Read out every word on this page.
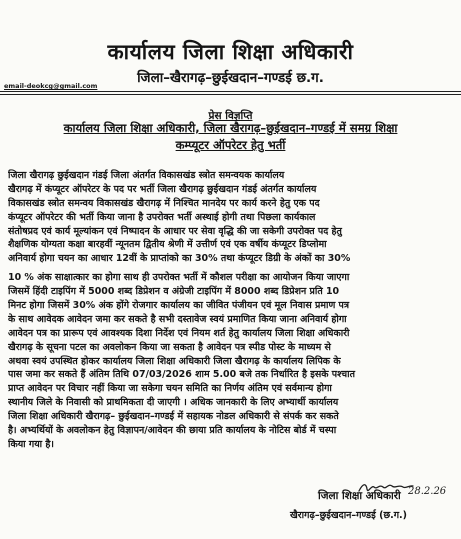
कार्यालय जिला शिक्षा अधिकारी
जिला–खैरागढ़–छुईखदान–गण्डई छ.ग.
email-deokcg@gmail.com
प्रेस विज्ञप्ति
कार्यालय जिला शिक्षा अधिकारी, जिला खैरागढ़–छुईखदान–गण्डई में समग्र शिक्षा
कम्प्यूटर ऑपरेटर हेतु भर्ती
जिला खैरागढ़ छुईखदान गंडई जिला अंतर्गत विकासखंड स्त्रोत समन्वयक कार्यालय
खैरागढ़ में कंप्यूटर ऑपरेटर के पद पर भर्ती जिला खैरागढ़ छुईखदान गंडई अंतर्गत कार्यालय
विकासखंड स्त्रोत समन्वय विकासखंड खैरागढ़ में निश्चित मानदेय पर कार्य करने हेतु एक पद
कंप्यूटर ऑपरेटर की भर्ती किया जाना है उपरोक्त भर्ती अस्थाई होगी तथा पिछला कार्यकाल
संतोषप्रद एवं कार्य मूल्यांकन एवं निष्पादन के आधार पर सेवा वृद्धि की जा सकेगी उपरोक्त पद हेतु
शैक्षणिक योग्यता कक्षा बारहवीं न्यूनतम द्वितीय श्रेणी में उत्तीर्ण एवं एक वर्षीय कंप्यूटर डिप्लोमा
अनिवार्य होगा चयन का आधार 12वीं के प्राप्तांको का 30% तथा कंप्यूटर डिग्री के अंकों का 30%
10 % अंक साक्षात्कार का होगा साथ ही उपरोक्त भर्ती में कौशल परीक्षा का आयोजन किया जाएगा
जिसमें हिंदी टाइपिंग में 5000 शब्द डिप्रेशन व अंग्रेजी टाइपिंग में 8000 शब्द डिप्रेशन प्रति 10
मिनट होगा जिसमें 30% अंक होंगे रोजगार कार्यालय का जीवित पंजीयन एवं मूल निवास प्रमाण पत्र
के साथ आवेदक आवेदन जमा कर सकते है सभी दस्तावेज स्वयं प्रमाणित किया जाना अनिवार्य होगा
आवेदन पत्र का प्रारूप एवं आवश्यक दिशा निर्देश एवं नियम शर्त हेतु कार्यालय जिला शिक्षा अधिकारी
खैरागढ़ के सूचना पटल का अवलोकन किया जा सकता है आवेदन पत्र स्पीड पोस्ट के माध्यम से
अथवा स्वयं उपस्थित होकर कार्यालय जिला शिक्षा अधिकारी जिला खैरागढ़ के कार्यालय लिपिक के
पास जमा कर सकते हैं अंतिम तिथि 07/03/2026 शाम 5.00 बजे तक निर्धारित है इसके पश्चात
प्राप्त आवेदन पर विचार नहीं किया जा सकेगा चयन समिति का निर्णय अंतिम एवं सर्वमान्य होगा
स्थानीय जिले के निवासी को प्राथमिकता दी जाएगी । अधिक जानकारी के लिए अभ्यार्थी कार्यालय
जिला शिक्षा अधिकारी खैरागढ़– छुईखदान–गण्डई में सहायक नोडल अधिकारी से संपर्क कर सकते
है। अभ्यर्थियों के अवलोकन हेतु विज्ञापन/आवेदन की छाया प्रति कार्यालय के नोटिस बोर्ड में चस्पा
किया गया है।
28.2.26
जिला शिक्षा अधिकारी
खैरागढ़–छुईखदान–गण्डई (छ.ग.)
